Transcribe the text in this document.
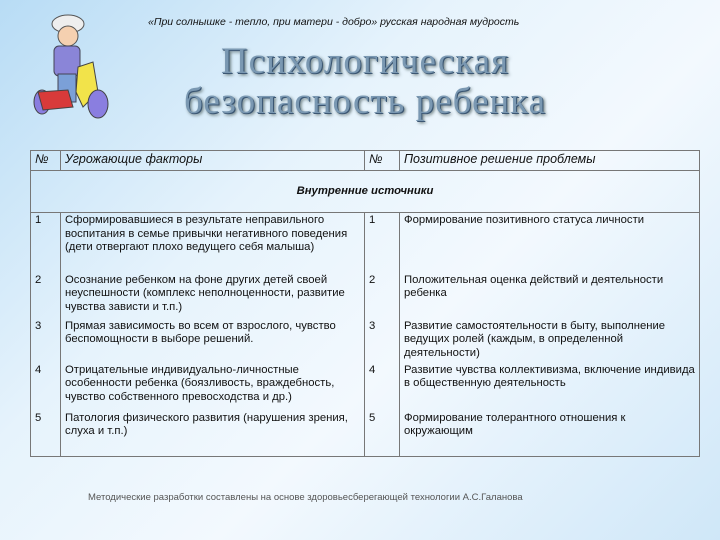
«При солнышке - тепло, при матери - добро» русская народная мудрость
Психологическая
безопасность ребенка
№	Угрожающие факторы	№	Позитивное решение проблемы
Внутренние источники			
1	Сформировавшиеся в результате неправильного воспитания в семье привычки негативного поведения (дети отвергают плохо ведущего себя малыша)	1	Формирование позитивного статуса личности
2	Осознание ребенком на фоне других детей своей неуспешности (комплекс неполноценности, развитие чувства зависти и т.п.)	2	Положительная оценка действий и деятельности ребенка
3	Прямая зависимость во всем от взрослого, чувство беспомощности в выборе решений.	3	Развитие самостоятельности в быту, выполнение ведущих ролей (каждым, в определенной деятельности)
4	Отрицательные индивидуально-личностные особенности ребенка (боязливость, враждебность, чувство собственного превосходства и др.)	4	Развитие чувства коллективизма, включение индивида в общественную деятельность
5	Патология физического развития (нарушения зрения, слуха и т.п.)	5	Формирование толерантного отношения к окружающим
Методические разработки составлены на основе здоровьесберегающей технологии А.С.Галанова
